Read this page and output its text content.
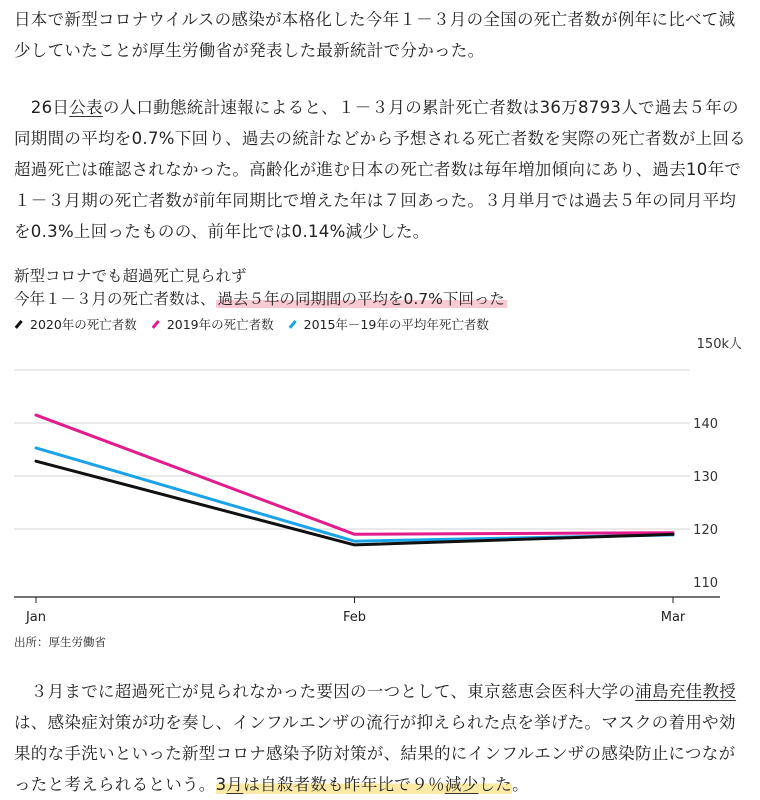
日本で新型コロナウイルスの感染が本格化した今年１－３月の全国の死亡者数が例年に比べて減少していたことが厚生労働省が発表した最新統計で分かった。

　26日公表の人口動態統計速報によると、１－３月の累計死亡者数は36万8793人で過去５年の同期間の平均を0.7%下回り、過去の統計などから予想される死亡者数を実際の死亡者数が上回る超過死亡は確認されなかった。高齢化が進む日本の死亡者数は毎年増加傾向にあり、過去10年で１－３月期の死亡者数が前年同期比で増えた年は７回あった。３月単月では過去５年の同月平均を0.3%上回ったものの、前年比では0.14%減少した。

新型コロナでも超過死亡見られず
今年１－３月の死亡者数は、 過去５年の同期間の平均を0.7%下回った
2020年の死亡者数 2019年の死亡者数 2015年－19年の平均年死亡者数
110
120
130
140
150k人
Jan	Feb	Mar
出所：厚生労働省

　３月までに超過死亡が見られなかった要因の一つとして、東京慈恵会医科大学の浦島充佳教授は、感染症対策が功を奏し、インフルエンザの流行が抑えられた点を挙げた。マスクの着用や効果的な手洗いといった新型コロナ感染予防対策が、結果的にインフルエンザの感染防止につながったと考えられるという。3月は自殺者数も昨年比で９％減少した。
